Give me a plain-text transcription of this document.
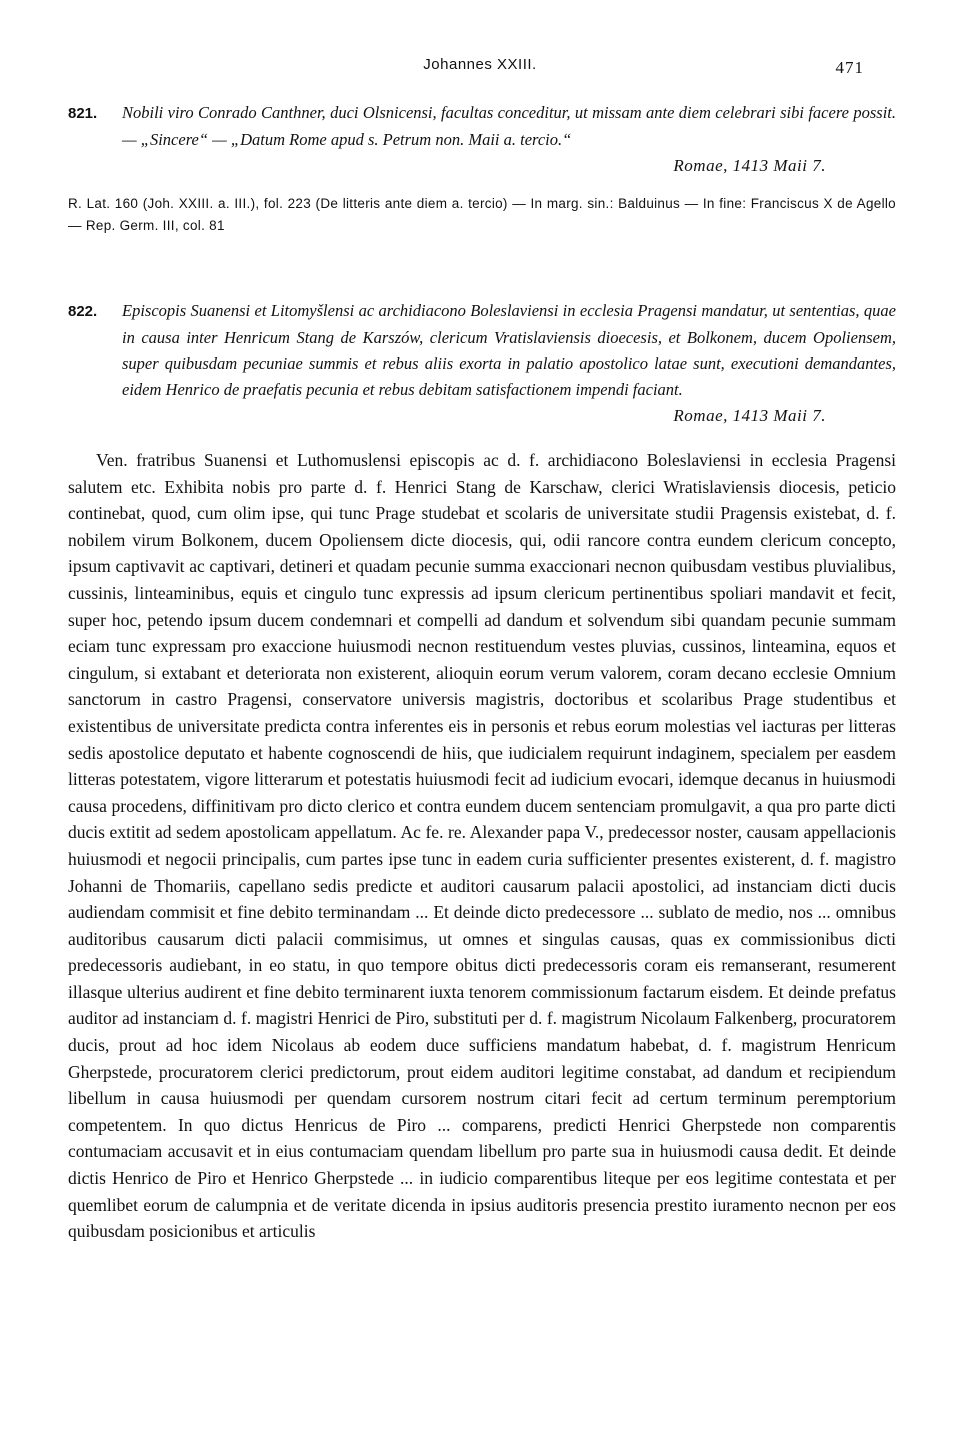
Johannes XXIII.	471
821. Nobili viro Conrado Canthner, duci Olsnicensi, facultas conceditur, ut missam ante diem celebrari sibi facere possit. — „Sincere“ — „Datum Rome apud s. Petrum non. Maii a. tercio.“
Romae, 1413 Maii 7.
R. Lat. 160 (Joh. XXIII. a. III.), fol. 223 (De litteris ante diem a. tercio) — In marg. sin.: Balduinus — In fine: Franciscus X de Agello — Rep. Germ. III, col. 81
822. Episcopis Suanensi et Litomyšlensi ac archidiacono Boleslaviensi in ecclesia Pragensi mandatur, ut sententias, quae in causa inter Henricum Stang de Karszów, clericum Vratislaviensis dioecesis, et Bolkonem, ducem Opoliensem, super quibusdam pecuniae summis et rebus aliis exorta in palatio apostolico latae sunt, executioni demandantes, eidem Henrico de praefatis pecunia et rebus debitam satisfactionem impendi faciant.
Romae, 1413 Maii 7.
Ven. fratribus Suanensi et Luthomuslensi episcopis ac d. f. archidiacono Boleslaviensi in ecclesia Pragensi salutem etc. Exhibita nobis pro parte d. f. Henrici Stang de Karschaw, clerici Wratislaviensis diocesis, peticio continebat, quod, cum olim ipse, qui tunc Prage studebat et scolaris de universitate studii Pragensis existebat, d. f. nobilem virum Bolkonem, ducem Opoliensem dicte diocesis, qui, odii rancore contra eundem clericum concepto, ipsum captivavit ac captivari, detineri et quadam pecunie summa exaccionari necnon quibusdam vestibus pluvialibus, cussinis, linteaminibus, equis et cingulo tunc expressis ad ipsum clericum pertinentibus spoliari mandavit et fecit, super hoc, petendo ipsum ducem condemnari et compelli ad dandum et solvendum sibi quandam pecunie summam eciam tunc expressam pro exaccione huiusmodi necnon restituendum vestes pluvias, cussinos, linteamina, equos et cingulum, si extabant et deteriorata non existerent, alioquin eorum verum valorem, coram decano ecclesie Omnium sanctorum in castro Pragensi, conservatore universis magistris, doctoribus et scolaribus Prage studentibus et existentibus de universitate predicta contra inferentes eis in personis et rebus eorum molestias vel iacturas per litteras sedis apostolice deputato et habente cognoscendi de hiis, que iudicialem requirunt indaginem, specialem per easdem litteras potestatem, vigore litterarum et potestatis huiusmodi fecit ad iudicium evocari, idemque decanus in huiusmodi causa procedens, diffinitivam pro dicto clerico et contra eundem ducem sentenciam promulgavit, a qua pro parte dicti ducis extitit ad sedem apostolicam appellatum. Ac fe. re. Alexander papa V., predecessor noster, causam appellacionis huiusmodi et negocii principalis, cum partes ipse tunc in eadem curia sufficienter presentes existerent, d. f. magistro Johanni de Thomariis, capellano sedis predicte et auditori causarum palacii apostolici, ad instanciam dicti ducis audiendam commisit et fine debito terminandam ... Et deinde dicto predecessore ... sublato de medio, nos ... omnibus auditoribus causarum dicti palacii commisimus, ut omnes et singulas causas, quas ex commissionibus dicti predecessoris audiebant, in eo statu, in quo tempore obitus dicti predecessoris coram eis remanserant, resumerent illasque ulterius audirent et fine debito terminarent iuxta tenorem commissionum factarum eisdem. Et deinde prefatus auditor ad instanciam d. f. magistri Henrici de Piro, substituti per d. f. magistrum Nicolaum Falkenberg, procuratorem ducis, prout ad hoc idem Nicolaus ab eodem duce sufficiens mandatum habebat, d. f. magistrum Henricum Gherpstede, procuratorem clerici predictorum, prout eidem auditori legitime constabat, ad dandum et recipiendum libellum in causa huiusmodi per quendam cursorem nostrum citari fecit ad certum terminum peremptorium competentem. In quo dictus Henricus de Piro ... comparens, predicti Henrici Gherpstede non comparentis contumaciam accusavit et in eius contumaciam quendam libellum pro parte sua in huiusmodi causa dedit. Et deinde dictis Henrico de Piro et Henrico Gherpstede ... in iudicio comparentibus liteque per eos legitime contestata et per quemlibet eorum de calumpnia et de veritate dicenda in ipsius auditoris presencia prestito iuramento necnon per eos quibusdam posicionibus et articulis
